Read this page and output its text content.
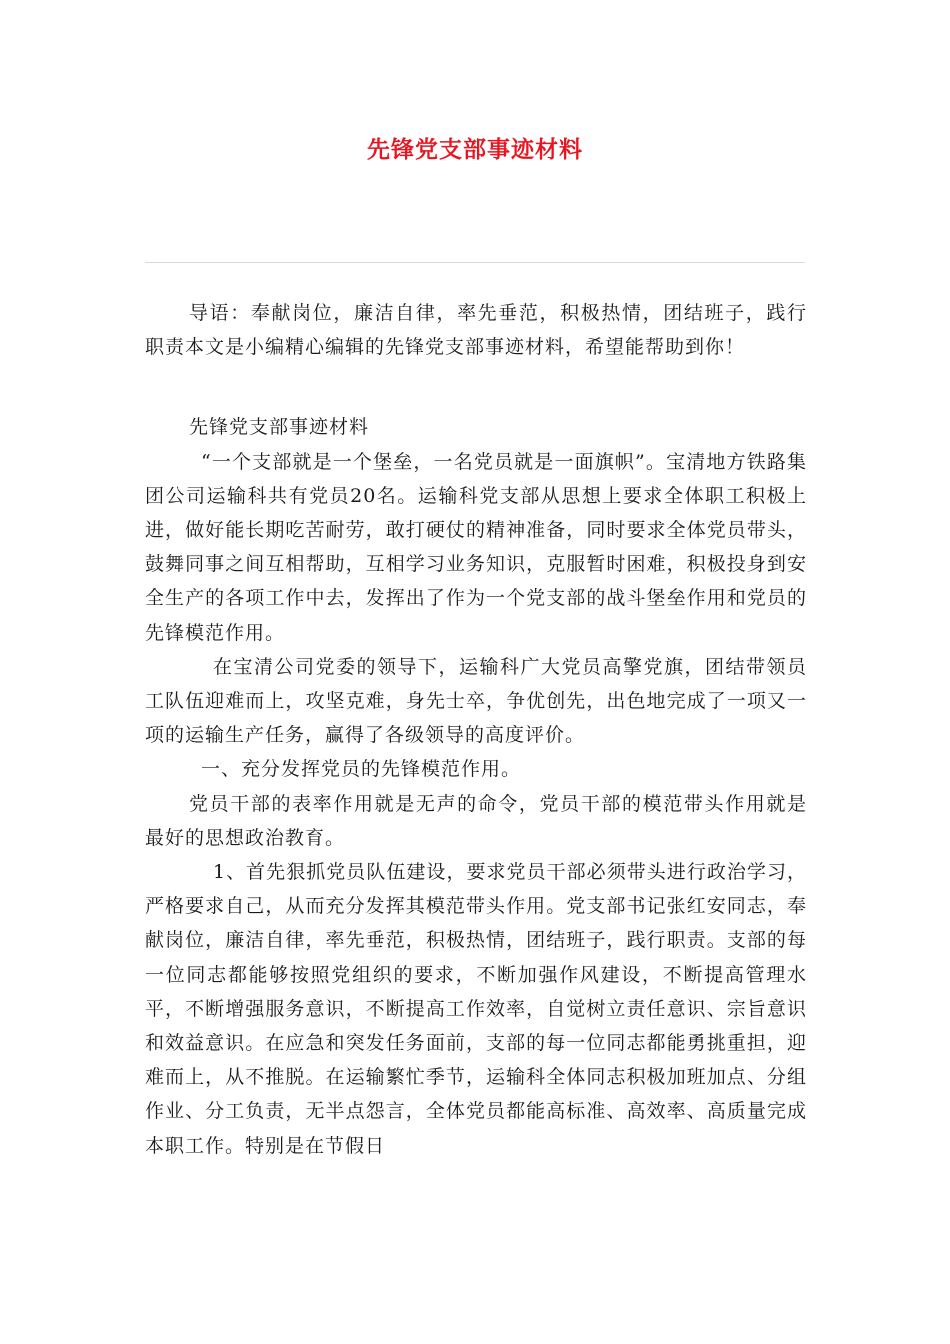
先锋党支部事迹材料

导语：奉献岗位，廉洁自律，率先垂范，积极热情，团结班子，践行职责本文是小编精心编辑的先锋党支部事迹材料，希望能帮助到你！

先锋党支部事迹材料

“一个支部就是一个堡垒，一名党员就是一面旗帜”。宝清地方铁路集团公司运输科共有党员20名。运输科党支部从思想上要求全体职工积极上进，做好能长期吃苦耐劳，敢打硬仗的精神准备，同时要求全体党员带头，鼓舞同事之间互相帮助，互相学习业务知识，克服暂时困难，积极投身到安全生产的各项工作中去，发挥出了作为一个党支部的战斗堡垒作用和党员的先锋模范作用。

在宝清公司党委的领导下，运输科广大党员高擎党旗，团结带领员工队伍迎难而上，攻坚克难，身先士卒，争优创先，出色地完成了一项又一项的运输生产任务，赢得了各级领导的高度评价。

一、充分发挥党员的先锋模范作用。

党员干部的表率作用就是无声的命令，党员干部的模范带头作用就是最好的思想政治教育。

1、首先狠抓党员队伍建设，要求党员干部必须带头进行政治学习，严格要求自己，从而充分发挥其模范带头作用。党支部书记张红安同志，奉献岗位，廉洁自律，率先垂范，积极热情，团结班子，践行职责。支部的每一位同志都能够按照党组织的要求，不断加强作风建设，不断提高管理水平，不断增强服务意识，不断提高工作效率，自觉树立责任意识、宗旨意识和效益意识。在应急和突发任务面前，支部的每一位同志都能勇挑重担，迎难而上，从不推脱。在运输繁忙季节，运输科全体同志积极加班加点、分组作业、分工负责，无半点怨言，全体党员都能高标准、高效率、高质量完成本职工作。特别是在节假日
